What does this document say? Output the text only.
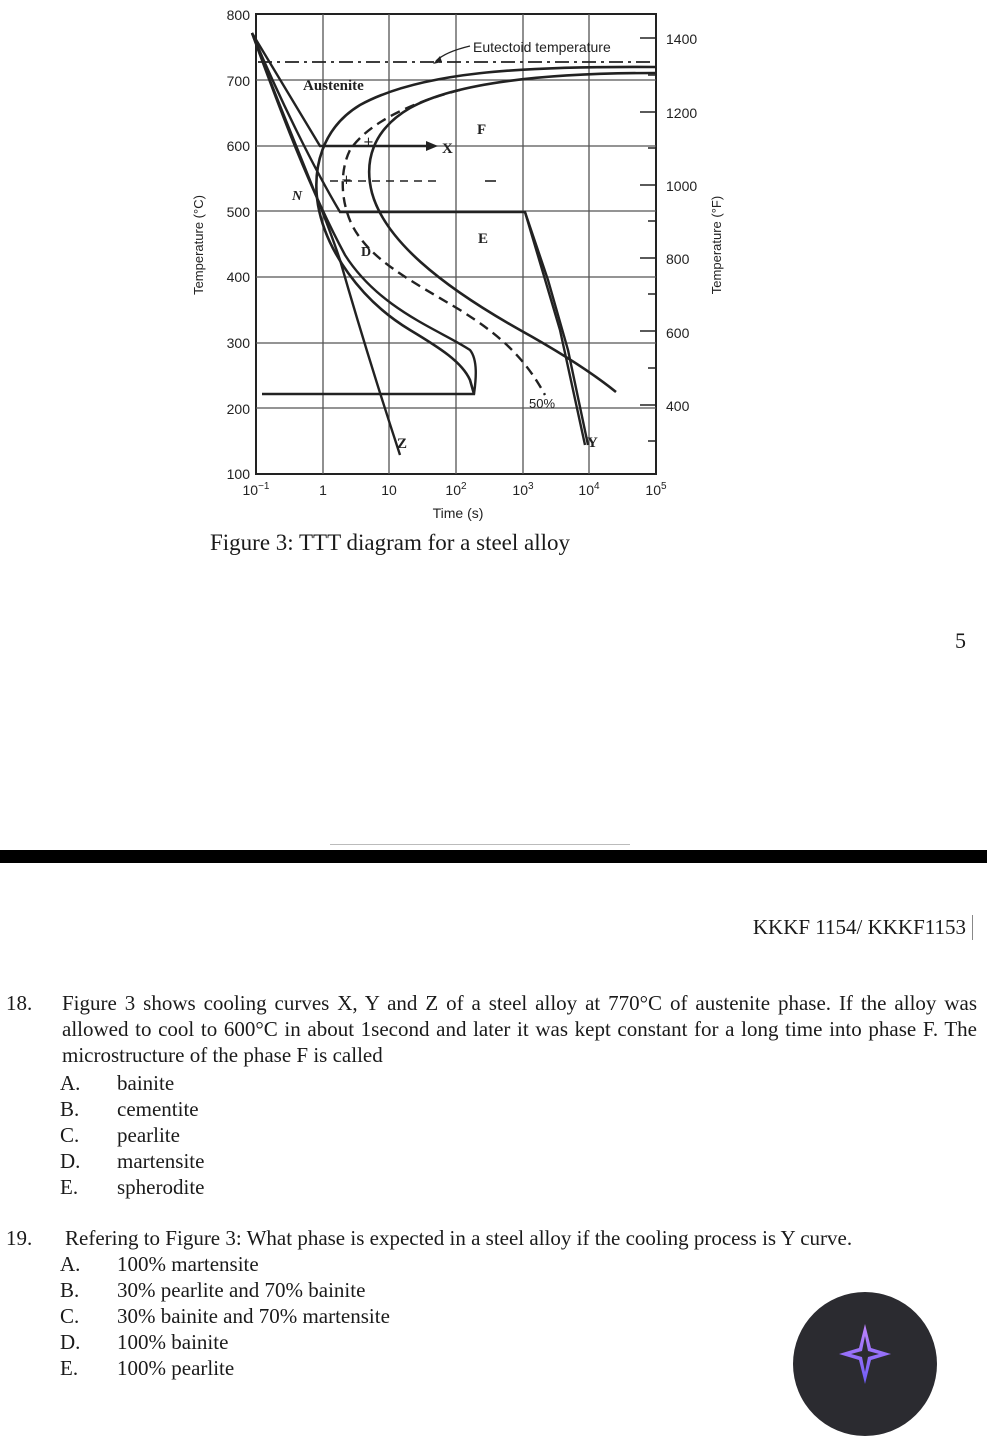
+
+
Eutectoid temperature
Austenite
F
X
N
E
D
50%
Z	Y
100
200
300
400
500
600
700
800
400
600
800
1000
1200
1400
$10^{-1}$	1	10	$10^2$	$10^3$	$10^4$	$10^5$
Time (s)
Temperature (°C)	Temperature (°F)
Figure 3: TTT diagram for a steel alloy
5
KKKF 1154/ KKKF1153
18. Figure 3 shows cooling curves X, Y and Z of a steel alloy at 770°C of austenite phase. If the alloy was allowed to cool to 600°C in about 1second and later it was kept constant for a long time into phase F. The microstructure of the phase F is called
A. bainite
B. cementite
C. pearlite
D. martensite
E. spherodite
19. Refering to Figure 3: What phase is expected in a steel alloy if the cooling process is Y curve.
A. 100% martensite
B. 30% pearlite and 70% bainite
C. 30% bainite and 70% martensite
D. 100% bainite
E. 100% pearlite
